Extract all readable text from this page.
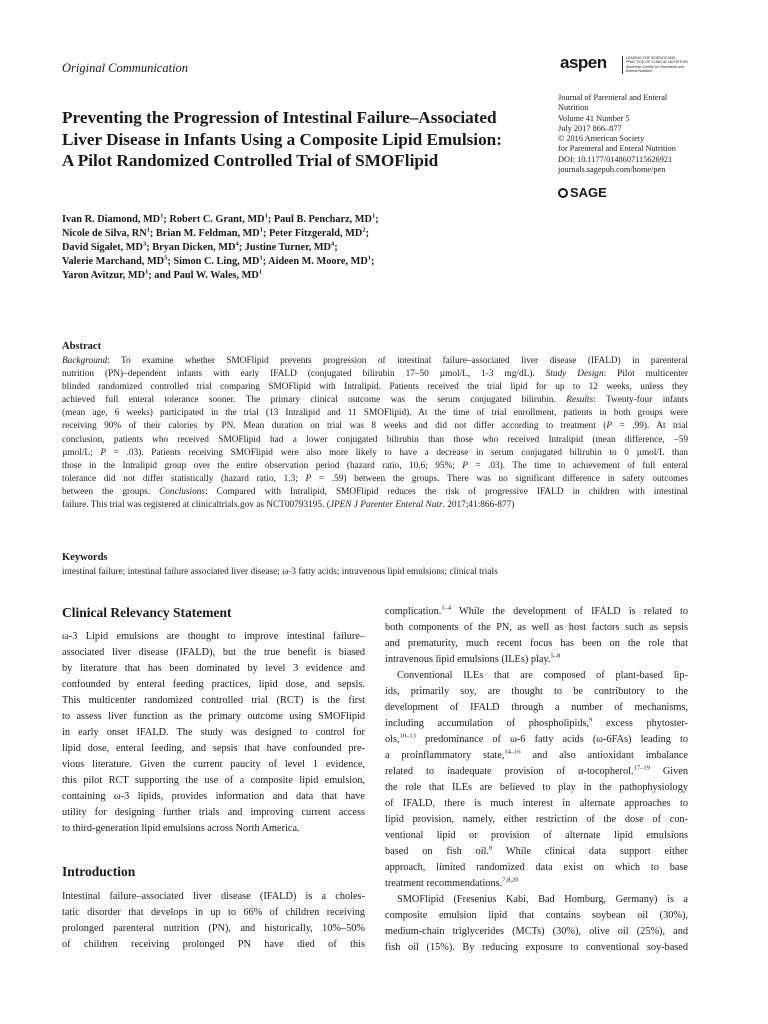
Original Communication	aspen	LEADING THE SCIENCE AND PRACTICE OF CLINICAL NUTRITION
American Society for Parenteral and Enteral Nutrition
Preventing the Progression of Intestinal Failure–Associated
Liver Disease in Infants Using a Composite Lipid Emulsion:
A Pilot Randomized Controlled Trial of SMOFlipid
Journal of Parenteral and Enteral
Nutrition
Volume 41 Number 5
July 2017 866–877
© 2016 American Society
for Parenteral and Enteral Nutrition
DOI: 10.1177/0148607115626921
journals.sagepub.com/home/pen
SAGE
Ivan R. Diamond, $MD^1$; Robert C. Grant, $MD^1$; Paul B. Pencharz, $MD^1$;
Nicole de Silva, $RN^1$; Brian M. Feldman, $MD^1$; Peter Fitzgerald, $MD^2$;
David Sigalet, $MD^3$; Bryan Dicken, $MD^4$; Justine Turner, $MD^4$;
Valerie Marchand, $MD^5$; Simon C. Ling, $MD^1$; Aideen M. Moore, $MD^1$;
Yaron Avitzur, $MD^1$; and Paul W. Wales, $MD^1$
Abstract
Background: To examine whether SMOFlipid prevents progression of intestinal failure–associated liver disease (IFALD) in parenteral
nutrition (PN)–dependent infants with early IFALD (conjugated bilirubin 17–50 µmol/L, 1-3 mg/dL). Study Design: Pilot multicenter
blinded randomized controlled trial comparing SMOFlipid with Intralipid. Patients received the trial lipid for up to 12 weeks, unless they
achieved full enteral tolerance sooner. The primary clinical outcome was the serum conjugated bilirubin. Results: Twenty-four infants
(mean age, 6 weeks) participated in the trial (13 Intralipid and 11 SMOFlipid). At the time of trial enrollment, patients in both groups were
receiving 90% of their calories by PN. Mean duration on trial was 8 weeks and did not differ according to treatment (P = .99). At trial
conclusion, patients who received SMOFlipid had a lower conjugated bilirubin than those who received Intralipid (mean difference, –59
µmol/L; P = .03). Patients receiving SMOFlipid were also more likely to have a decrease in serum conjugated bilirubin to 0 µmol/L than
those in the Intralipid group over the entire observation period (hazard ratio, 10.6; 95%; P = .03). The time to achievement of full enteral
tolerance did not differ statistically (hazard ratio, 1.3; P = .59) between the groups. There was no significant difference in safety outcomes
between the groups. Conclusions: Compared with Intralipid, SMOFlipid reduces the risk of progressive IFALD in children with intestinal
failure. This trial was registered at clinicaltrials.gov as NCT00793195. (JPEN J Parenter Enteral Nutr. 2017;41:866-877)
Keywords
intestinal failure; intestinal failure associated liver disease; ω-3 fatty acids; intravenous lipid emulsions; clinical trials
Clinical Relevancy Statement
ω-3 Lipid emulsions are thought to improve intestinal failure–
associated liver disease (IFALD), but the true benefit is biased
by literature that has been dominated by level 3 evidence and
confounded by enteral feeding practices, lipid dose, and sepsis.
This multicenter randomized controlled trial (RCT) is the first
to assess liver function as the primary outcome using SMOFlipid
in early onset IFALD. The study was designed to control for
lipid dose, enteral feeding, and sepsis that have confounded pre-
vious literature. Given the current paucity of level 1 evidence,
this pilot RCT supporting the use of a composite lipid emulsion,
containing ω-3 lipids, provides information and data that have
utility for designing further trials and improving current access
to third-generation lipid emulsions across North America.
Introduction
Intestinal failure–associated liver disease (IFALD) is a choles-
tatic disorder that develops in up to 66% of children receiving
prolonged parenteral nutrition (PN), and historically, 10%–50%
of children receiving prolonged PN have died of this
complication.$^{1-4}$ While the development of IFALD is related to
both components of the PN, as well as host factors such as sepsis
and prematurity, much recent focus has been on the role that
intravenous lipid emulsions (ILEs) play.$^{5-8}$
Conventional ILEs that are composed of plant-based lip-
ids, primarily soy, are thought to be contributory to the
development of IFALD through a number of mechanisms,
including accumulation of phospholipids,$^9$ excess phytoster-
ols,$^{10-13}$ predominance of ω-6 fatty acids (ω-6FAs) leading to
a proinflammatory state,$^{14-16}$ and also antioxidant imbalance
related to inadequate provision of α-tocopherol.$^{17-19}$ Given
the role that ILEs are believed to play in the pathophysiology
of IFALD, there is much interest in alternate approaches to
lipid provision, namely, either restriction of the dose of con-
ventional lipid or provision of alternate lipid emulsions
based on fish oil.$^8$ While clinical data support either
approach, limited randomized data exist on which to base
treatment recommendations.$^{7,8,20}$
SMOFlipid (Fresenius Kabi, Bad Homburg, Germany) is a
composite emulsion lipid that contains soybean oil (30%),
medium-chain triglycerides (MCTs) (30%), olive oil (25%), and
fish oil (15%). By reducing exposure to conventional soy-based
